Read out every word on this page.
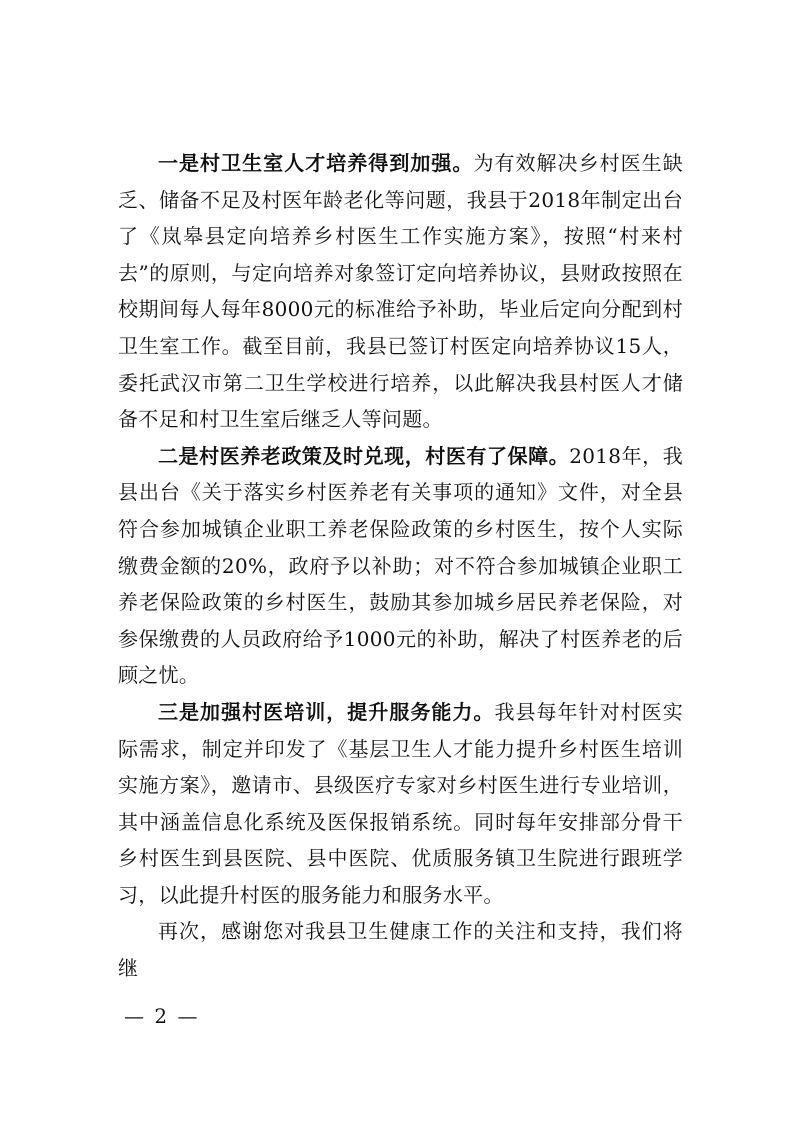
一是村卫生室人才培养得到加强。为有效解决乡村医生缺乏、储备不足及村医年龄老化等问题，我县于2018年制定出台了《岚皋县定向培养乡村医生工作实施方案》，按照“村来村去”的原则，与定向培养对象签订定向培养协议，县财政按照在校期间每人每年8000元的标准给予补助，毕业后定向分配到村卫生室工作。截至目前，我县已签订村医定向培养协议15人，委托武汉市第二卫生学校进行培养，以此解决我县村医人才储备不足和村卫生室后继乏人等问题。

二是村医养老政策及时兑现，村医有了保障。2018年，我县出台《关于落实乡村医养老有关事项的通知》文件，对全县符合参加城镇企业职工养老保险政策的乡村医生，按个人实际缴费金额的20%，政府予以补助；对不符合参加城镇企业职工养老保险政策的乡村医生，鼓励其参加城乡居民养老保险，对参保缴费的人员政府给予1000元的补助，解决了村医养老的后顾之忧。

三是加强村医培训，提升服务能力。我县每年针对村医实际需求，制定并印发了《基层卫生人才能力提升乡村医生培训实施方案》，邀请市、县级医疗专家对乡村医生进行专业培训，其中涵盖信息化系统及医保报销系统。同时每年安排部分骨干乡村医生到县医院、县中医院、优质服务镇卫生院进行跟班学习，以此提升村医的服务能力和服务水平。

再次，感谢您对我县卫生健康工作的关注和支持，我们将继

— 2 —
